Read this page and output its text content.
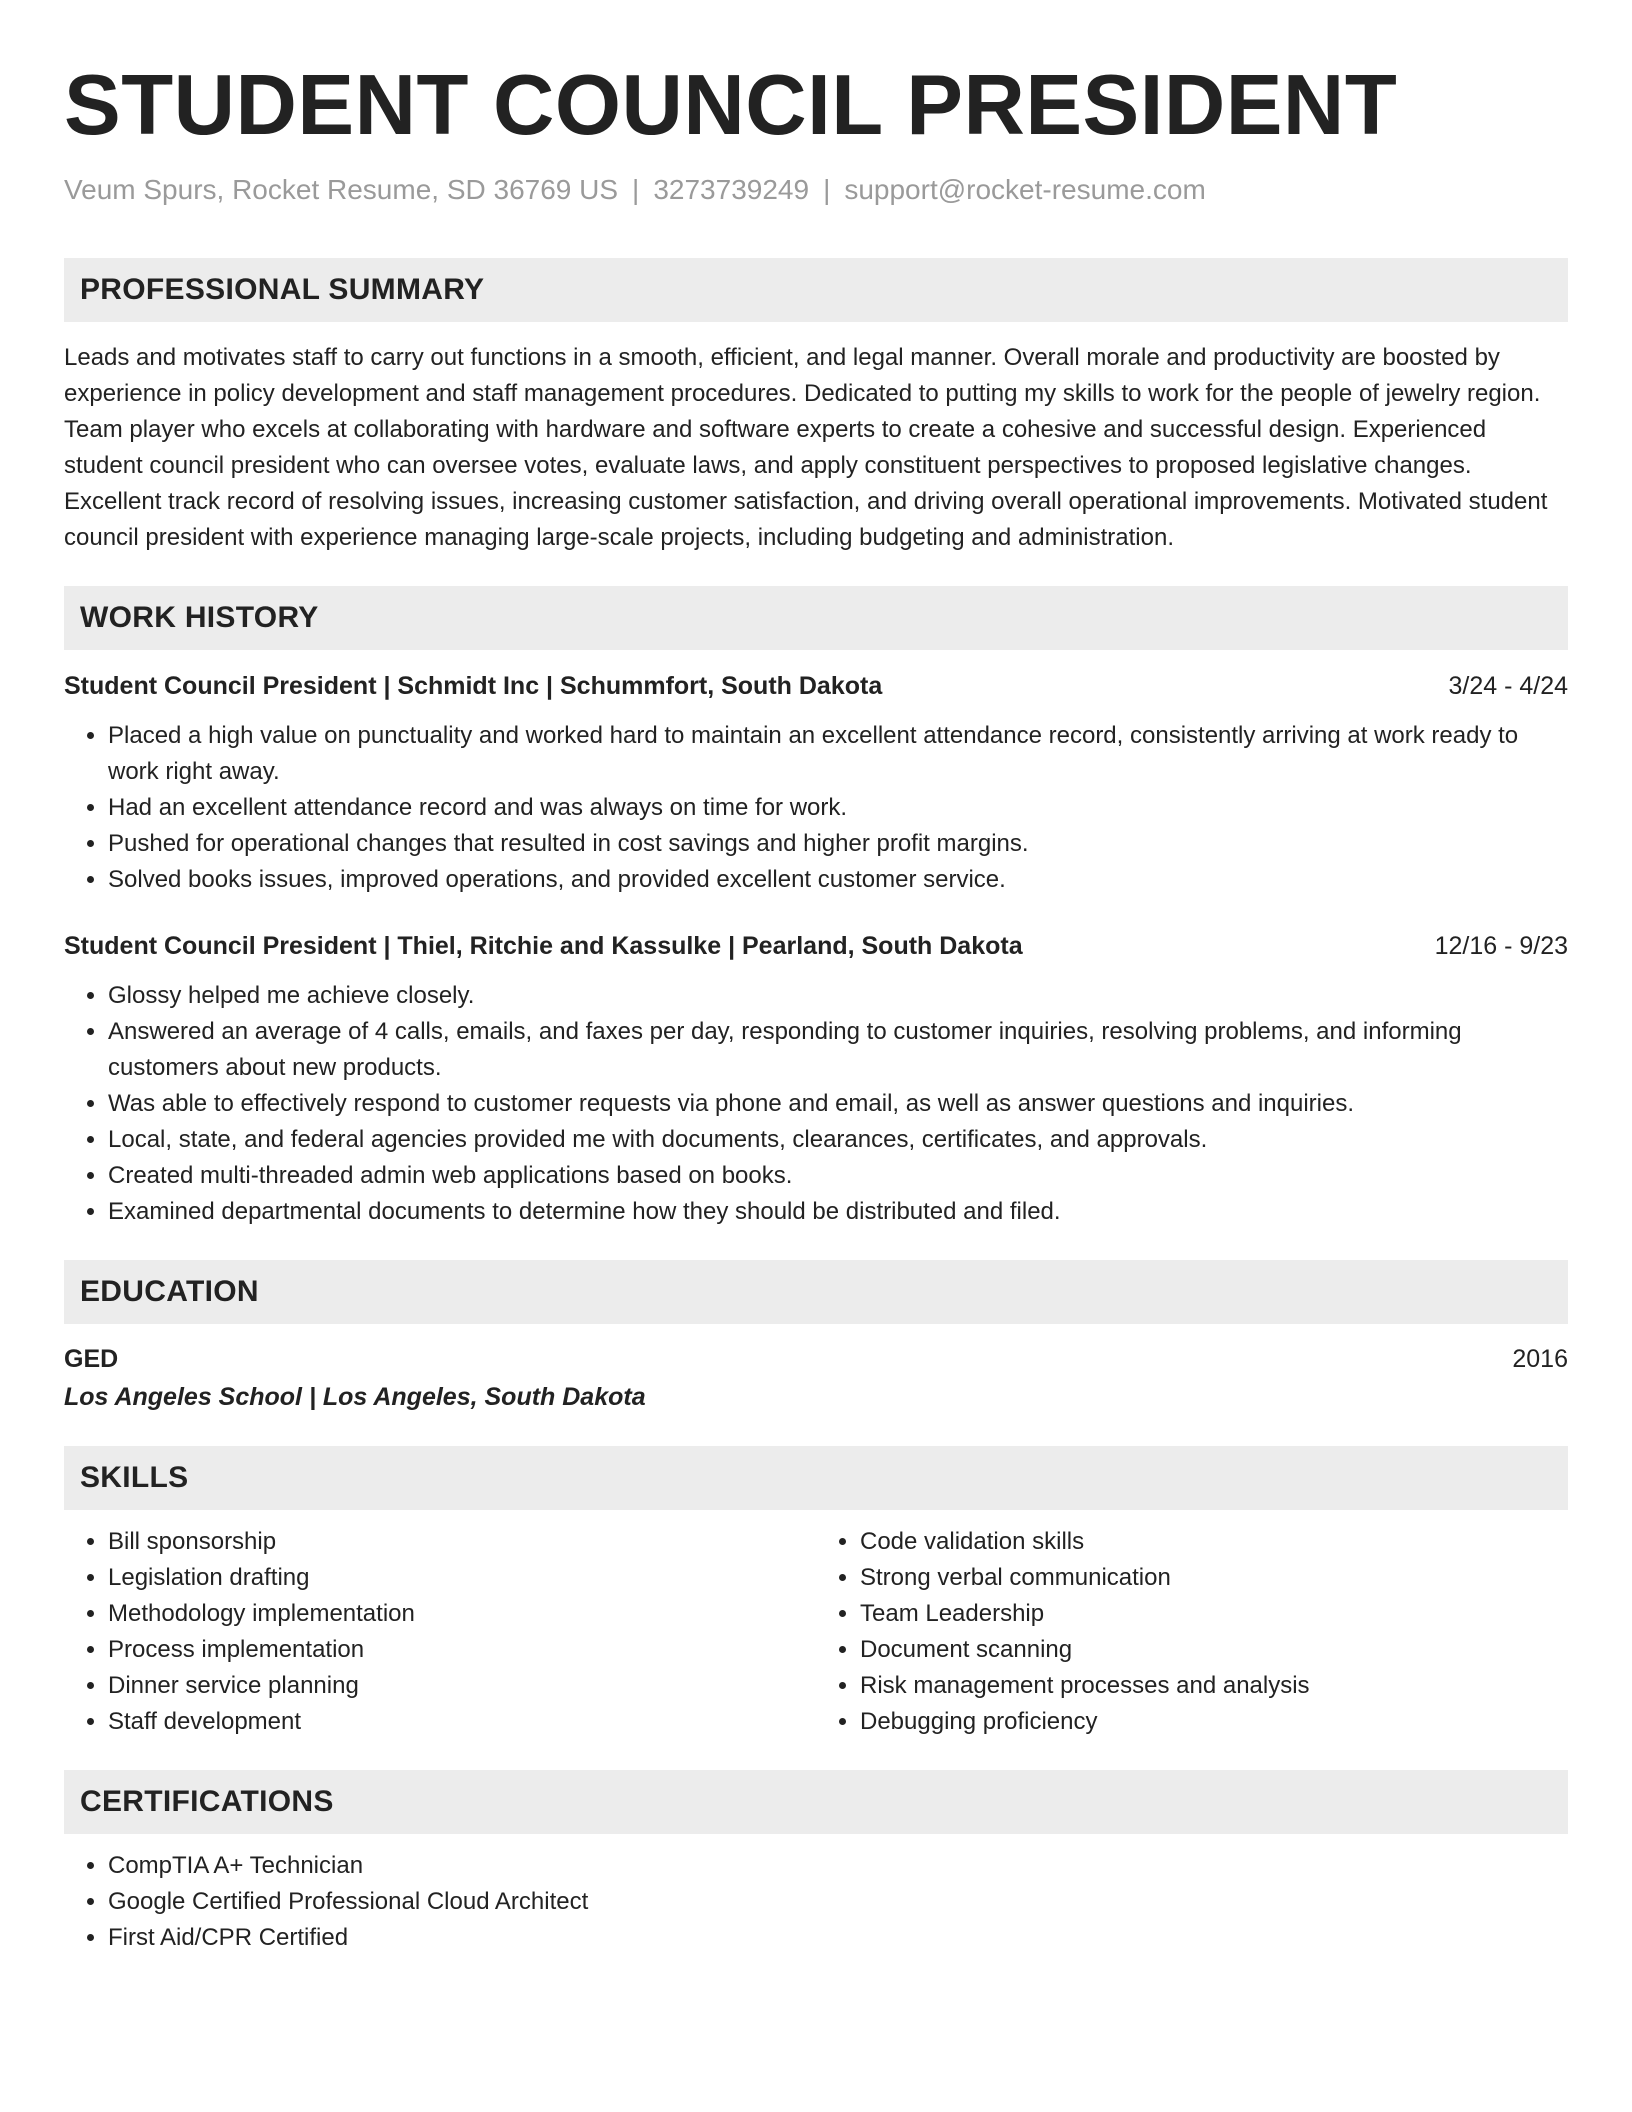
STUDENT COUNCIL PRESIDENT
Veum Spurs, Rocket Resume, SD 36769 US | 3273739249 | support@rocket-resume.com
PROFESSIONAL SUMMARY

Leads and motivates staff to carry out functions in a smooth, efficient, and legal manner. Overall morale and productivity are boosted by experience in policy development and staff management procedures. Dedicated to putting my skills to work for the people of jewelry region. Team player who excels at collaborating with hardware and software experts to create a cohesive and successful design. Experienced student council president who can oversee votes, evaluate laws, and apply constituent perspectives to proposed legislative changes. Excellent track record of resolving issues, increasing customer satisfaction, and driving overall operational improvements. Motivated student council president with experience managing large-scale projects, including budgeting and administration.

WORK HISTORY
Student Council President | Schmidt Inc | Schummfort, South Dakota	3/24 - 4/24
• Placed a high value on punctuality and worked hard to maintain an excellent attendance record, consistently arriving at work ready to work right away.
• Had an excellent attendance record and was always on time for work.
• Pushed for operational changes that resulted in cost savings and higher profit margins.
• Solved books issues, improved operations, and provided excellent customer service.
Student Council President | Thiel, Ritchie and Kassulke | Pearland, South Dakota	12/16 - 9/23
• Glossy helped me achieve closely.
• Answered an average of 4 calls, emails, and faxes per day, responding to customer inquiries, resolving problems, and informing customers about new products.
• Was able to effectively respond to customer requests via phone and email, as well as answer questions and inquiries.
• Local, state, and federal agencies provided me with documents, clearances, certificates, and approvals.
• Created multi-threaded admin web applications based on books.
• Examined departmental documents to determine how they should be distributed and filed.
EDUCATION
GED	2016
Los Angeles School | Los Angeles, South Dakota
SKILLS
• Bill sponsorship
• Legislation drafting
• Methodology implementation
• Process implementation
• Dinner service planning
• Staff development
• Code validation skills
• Strong verbal communication
• Team Leadership
• Document scanning
• Risk management processes and analysis
• Debugging proficiency
CERTIFICATIONS
• CompTIA A+ Technician
• Google Certified Professional Cloud Architect
• First Aid/CPR Certified
